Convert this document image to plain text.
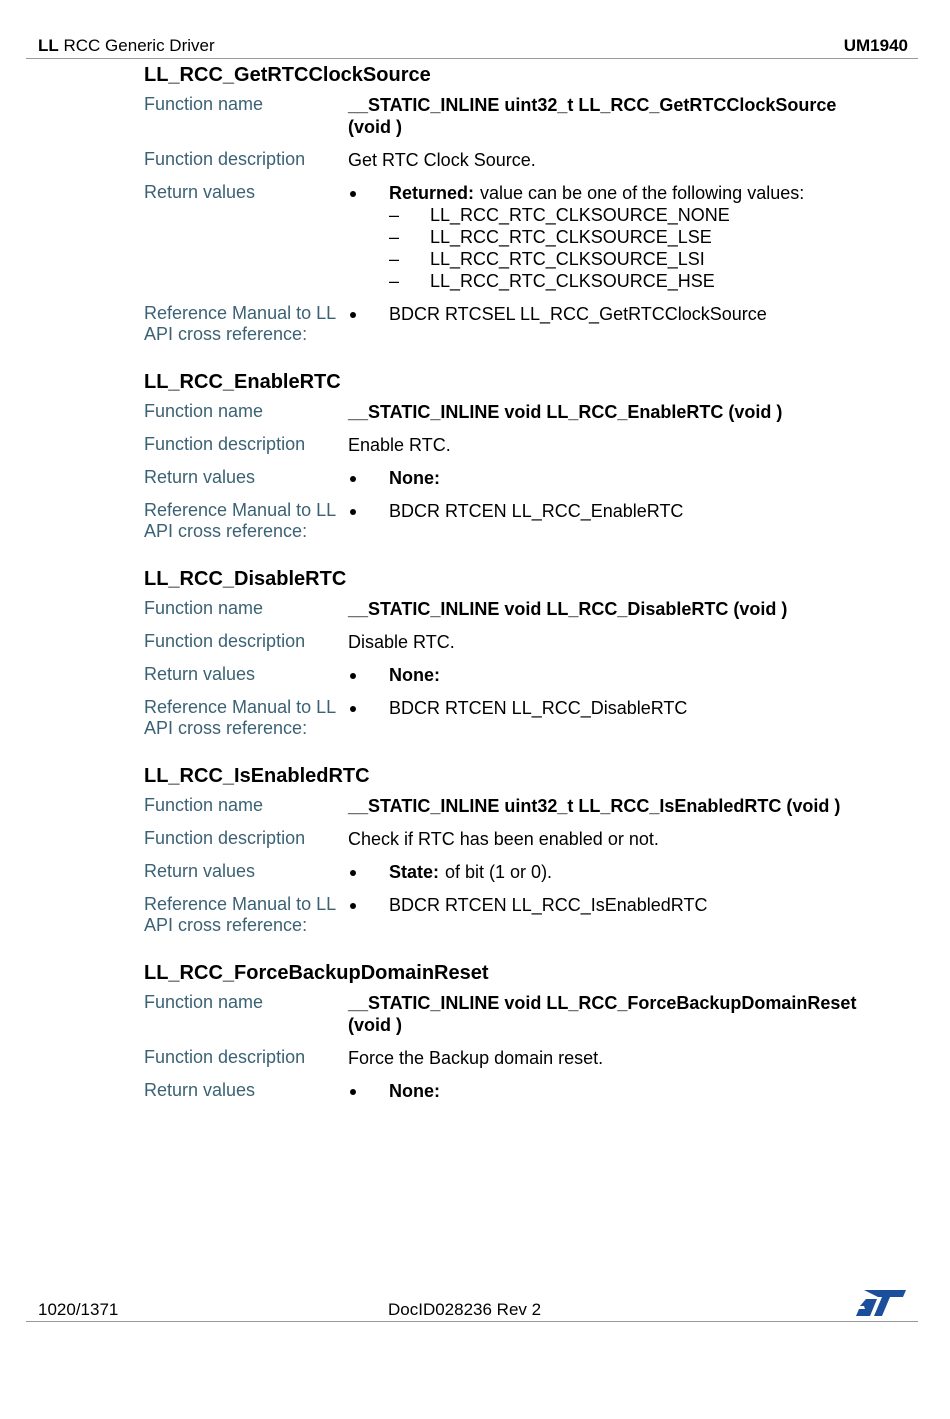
LL RCC Generic Driver	UM1940
LL_RCC_GetRTCClockSource
Function name	__STATIC_INLINE uint32_t LL_RCC_GetRTCClockSource (void )
Function description	Get RTC Clock Source.
Return values	Returned: value can be one of the following values:
–	LL_RCC_RTC_CLKSOURCE_NONE
–	LL_RCC_RTC_CLKSOURCE_LSE
–	LL_RCC_RTC_CLKSOURCE_LSI
–	LL_RCC_RTC_CLKSOURCE_HSE
Reference Manual to LL API cross reference:
BDCR RTCSEL LL_RCC_GetRTCClockSource
LL_RCC_EnableRTC
Function name	__STATIC_INLINE void LL_RCC_EnableRTC (void )
Function description	Enable RTC.
Return values	None:
Reference Manual to LL API cross reference:
BDCR RTCEN LL_RCC_EnableRTC
LL_RCC_DisableRTC
Function name	__STATIC_INLINE void LL_RCC_DisableRTC (void )
Function description	Disable RTC.
Return values	None:
Reference Manual to LL API cross reference:
BDCR RTCEN LL_RCC_DisableRTC
LL_RCC_IsEnabledRTC
Function name	__STATIC_INLINE uint32_t LL_RCC_IsEnabledRTC (void )
Function description	Check if RTC has been enabled or not.
Return values	State: of bit (1 or 0).
Reference Manual to LL API cross reference:
BDCR RTCEN LL_RCC_IsEnabledRTC
LL_RCC_ForceBackupDomainReset
Function name	__STATIC_INLINE void LL_RCC_ForceBackupDomainReset (void )
Function description	Force the Backup domain reset.
Return values	None:
1020/1371	DocID028236 Rev 2
